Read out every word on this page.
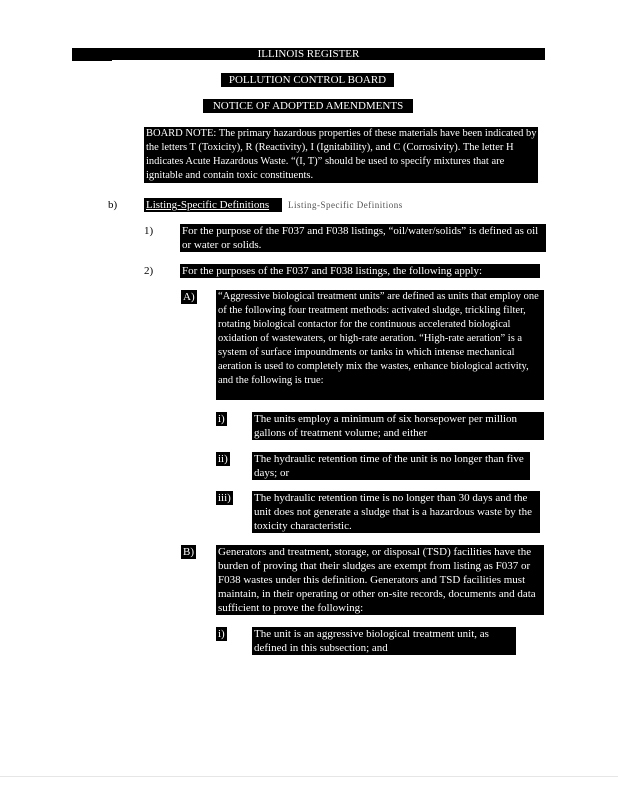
ILLINOIS REGISTER
POLLUTION CONTROL BOARD
NOTICE OF ADOPTED AMENDMENTS
BOARD NOTE: The primary hazardous properties of these materials have been indicated by the letters T (Toxicity), R (Reactivity), I (Ignitability), and C (Corrosivity). The letter H indicates Acute Hazardous Waste. “(I, T)” should be used to specify mixtures that are ignitable and contain toxic constituents.
b)	Listing-Specific Definitions	Listing-Specific Definitions
1)	For the purpose of the F037 and F038 listings, “oil/water/solids” is defined as oil or water or solids.
2)	For the purposes of the F037 and F038 listings, the following apply:
A) “Aggressive biological treatment units” are defined as units that employ one of the following four treatment methods: activated sludge, trickling filter, rotating biological contactor for the continuous accelerated biological oxidation of wastewaters, or high-rate aeration. “High-rate aeration” is a system of surface impoundments or tanks in which intense mechanical aeration is used to completely mix the wastes, enhance biological activity, and the following is true:
i)	The units employ a minimum of six horsepower per million gallons of treatment volume; and either
ii) The hydraulic retention time of the unit is no longer than five days; or
iii) The hydraulic retention time is no longer than 30 days and the unit does not generate a sludge that is a hazardous waste by the toxicity characteristic.
B) Generators and treatment, storage, or disposal (TSD) facilities have the burden of proving that their sludges are exempt from listing as F037 or F038 wastes under this definition. Generators and TSD facilities must maintain, in their operating or other on-site records, documents and data sufficient to prove the following:
i)	The unit is an aggressive biological treatment unit, as defined in this subsection; and
